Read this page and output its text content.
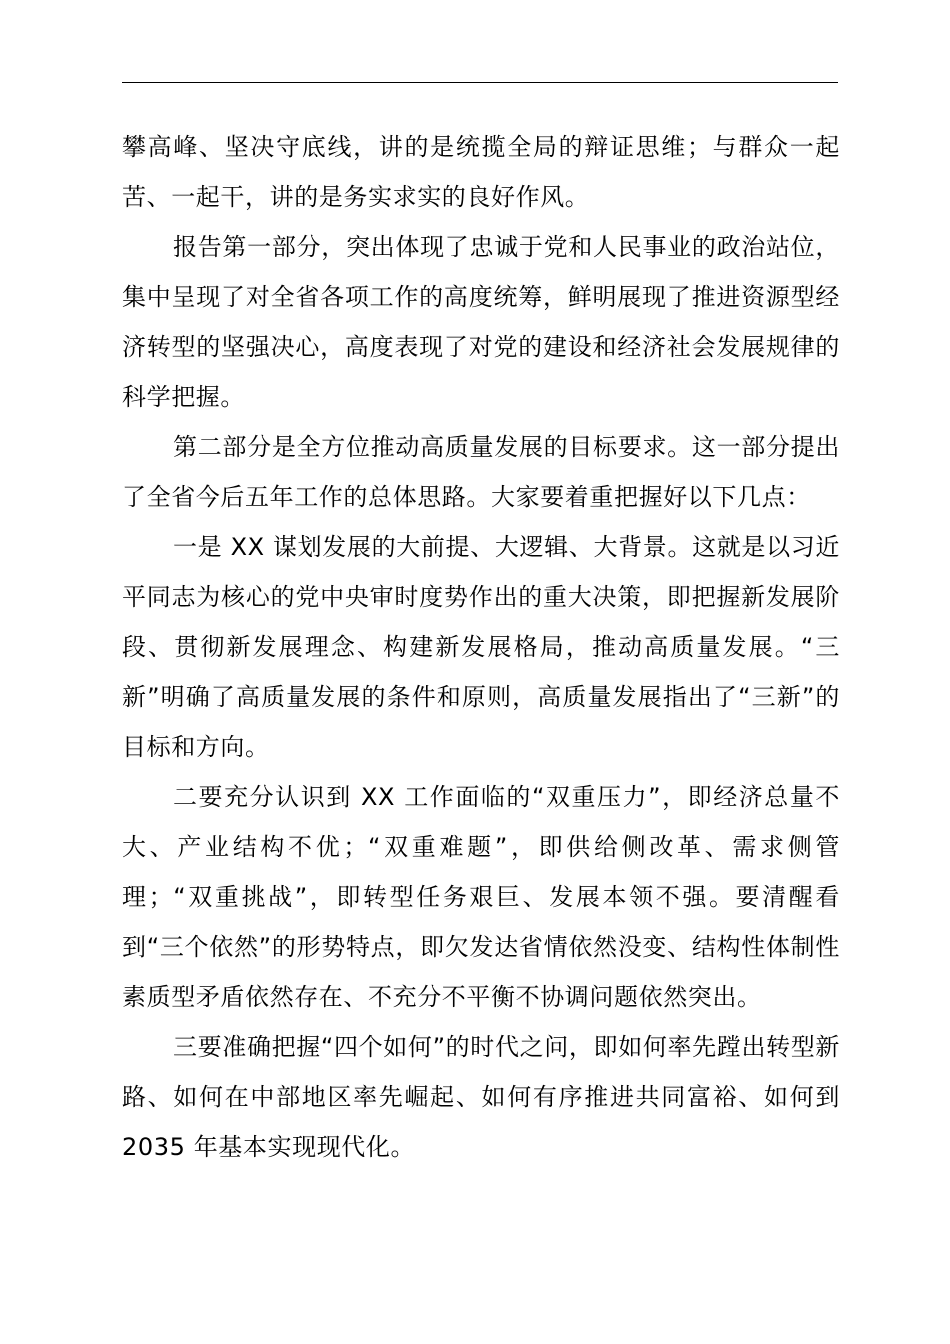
攀高峰、坚决守底线，讲的是统揽全局的辩证思维；与群众一起苦、一起干，讲的是务实求实的良好作风。

报告第一部分，突出体现了忠诚于党和人民事业的政治站位，集中呈现了对全省各项工作的高度统筹，鲜明展现了推进资源型经济转型的坚强决心，高度表现了对党的建设和经济社会发展规律的科学把握。

第二部分是全方位推动高质量发展的目标要求。这一部分提出了全省今后五年工作的总体思路。大家要着重把握好以下几点：

一是 XX 谋划发展的大前提、大逻辑、大背景。这就是以习近平同志为核心的党中央审时度势作出的重大决策，即把握新发展阶段、贯彻新发展理念、构建新发展格局，推动高质量发展。“三新”明确了高质量发展的条件和原则，高质量发展指出了“三新”的目标和方向。

二要充分认识到 XX 工作面临的“双重压力”，即经济总量不大、产业结构不优；“双重难题”，即供给侧改革、需求侧管理；“双重挑战”，即转型任务艰巨、发展本领不强。要清醒看到“三个依然”的形势特点，即欠发达省情依然没变、结构性体制性素质型矛盾依然存在、不充分不平衡不协调问题依然突出。

三要准确把握“四个如何”的时代之问，即如何率先蹚出转型新路、如何在中部地区率先崛起、如何有序推进共同富裕、如何到 2035 年基本实现现代化。
